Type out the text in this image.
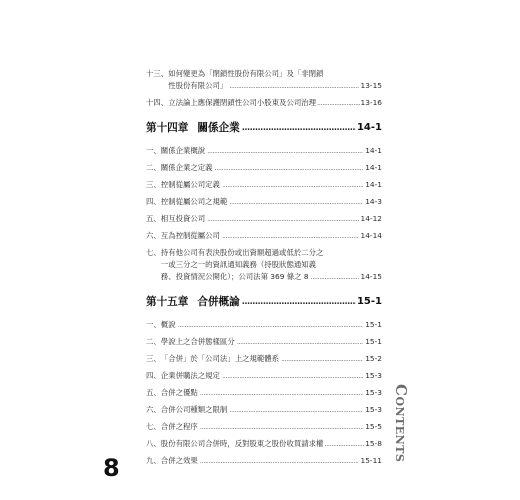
十三、 如何變更為「閉鎖性股份有限公司」及「非閉鎖
性股份有限公司」 .....	13-15
十四、 立法論上應保護閉鎖性公司小股東及公司治理 .....	13-16
第十四章 關係企業 .....	14-1
一、 關係企業概說 .....	14-1
二、 關係企業之定義 .....	14-1
三、 控制從屬公司定義 .....	14-1
四、 控制從屬公司之規範 .....	14-3
五、 相互投資公司 .....	14-12
六、 互為控制從屬公司 .....	14-14
七、 持有他公司有表決股份或出資額超過或低於二分之
一或三分之一的資訊通知義務（持股狀態通知義
務、投資情況公開化）；公司法第 369 條之 8 .....	14-15
第十五章 合併概論 .....	15-1
一、 概說 .....	15-1
二、 學說上之合併態樣區分 .....	15-1
三、 「合併」於「公司法」上之規範體系 .....	15-2
四、 企業併購法之規定 .....	15-3
五、 合併之優點 .....	15-3
六、 合併公司種類之限制 .....	15-3
七、 合併之程序 .....	15-5
八、 股份有限公司合併時，反對股東之股份收買請求權 .....	15-8
九、 合併之效果 .....	15-11
8
Contents
